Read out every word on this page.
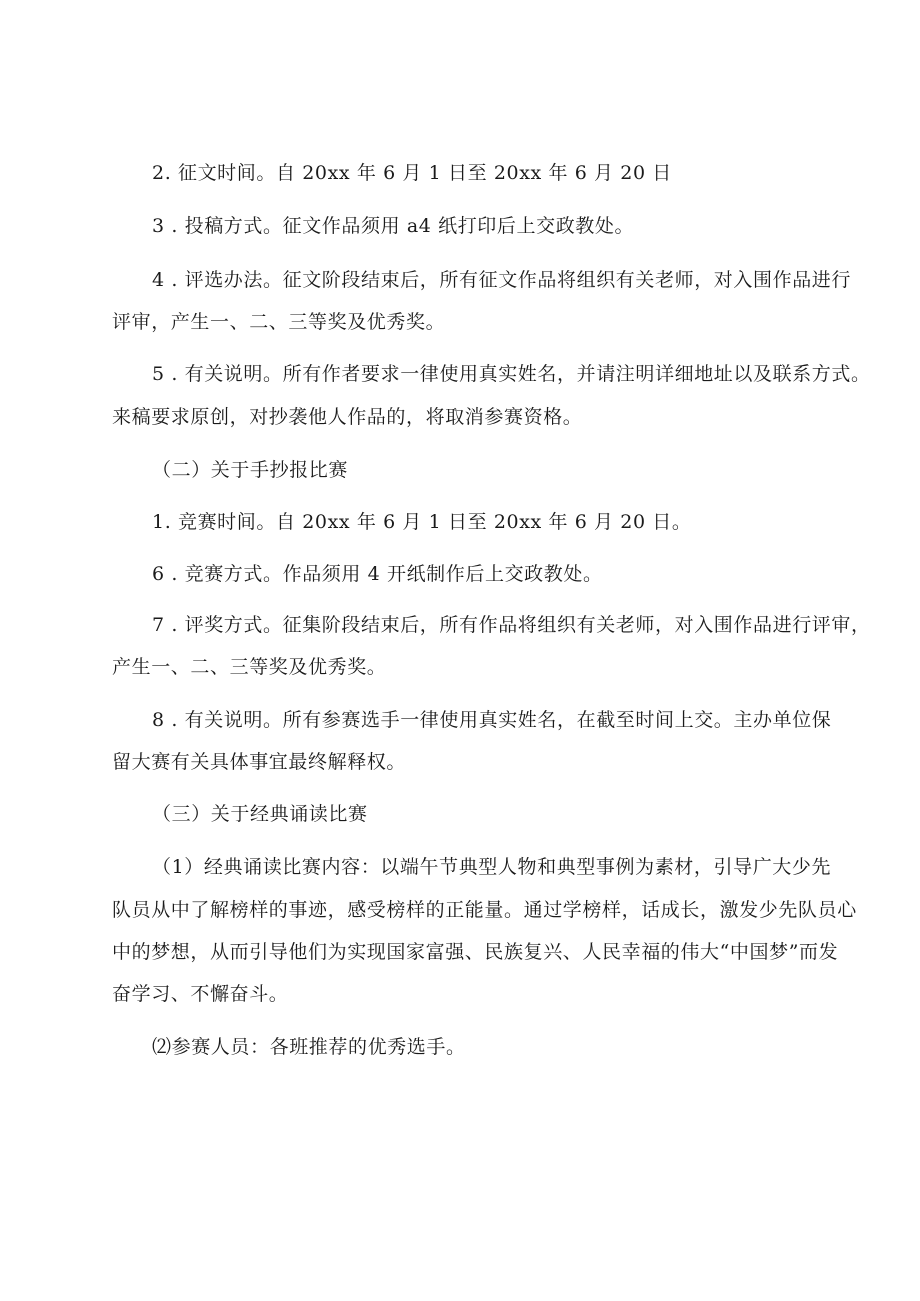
2. 征文时间。自 20xx 年 6 月 1 日至 20xx 年 6 月 20 日

3 . 投稿方式。征文作品须用 a4 纸打印后上交政教处。

4 . 评选办法。征文阶段结束后，所有征文作品将组织有关老师，对入围作品进行

评审，产生一、二、三等奖及优秀奖。

5 . 有关说明。所有作者要求一律使用真实姓名，并请注明详细地址以及联系方式。

来稿要求原创，对抄袭他人作品的，将取消参赛资格。

（二）关于手抄报比赛

1. 竞赛时间。自 20xx 年 6 月 1 日至 20xx 年 6 月 20 日。

6 . 竞赛方式。作品须用 4 开纸制作后上交政教处。

7 . 评奖方式。征集阶段结束后，所有作品将组织有关老师，对入围作品进行评审，

产生一、二、三等奖及优秀奖。

8 . 有关说明。所有参赛选手一律使用真实姓名，在截至时间上交。主办单位保

留大赛有关具体事宜最终解释权。

（三）关于经典诵读比赛

（1）经典诵读比赛内容：以端午节典型人物和典型事例为素材，引导广大少先

队员从中了解榜样的事迹，感受榜样的正能量。通过学榜样，话成长，激发少先队员心

中的梦想，从而引导他们为实现国家富强、民族复兴、人民幸福的伟大“中国梦”而发

奋学习、不懈奋斗。

⑵参赛人员：各班推荐的优秀选手。
